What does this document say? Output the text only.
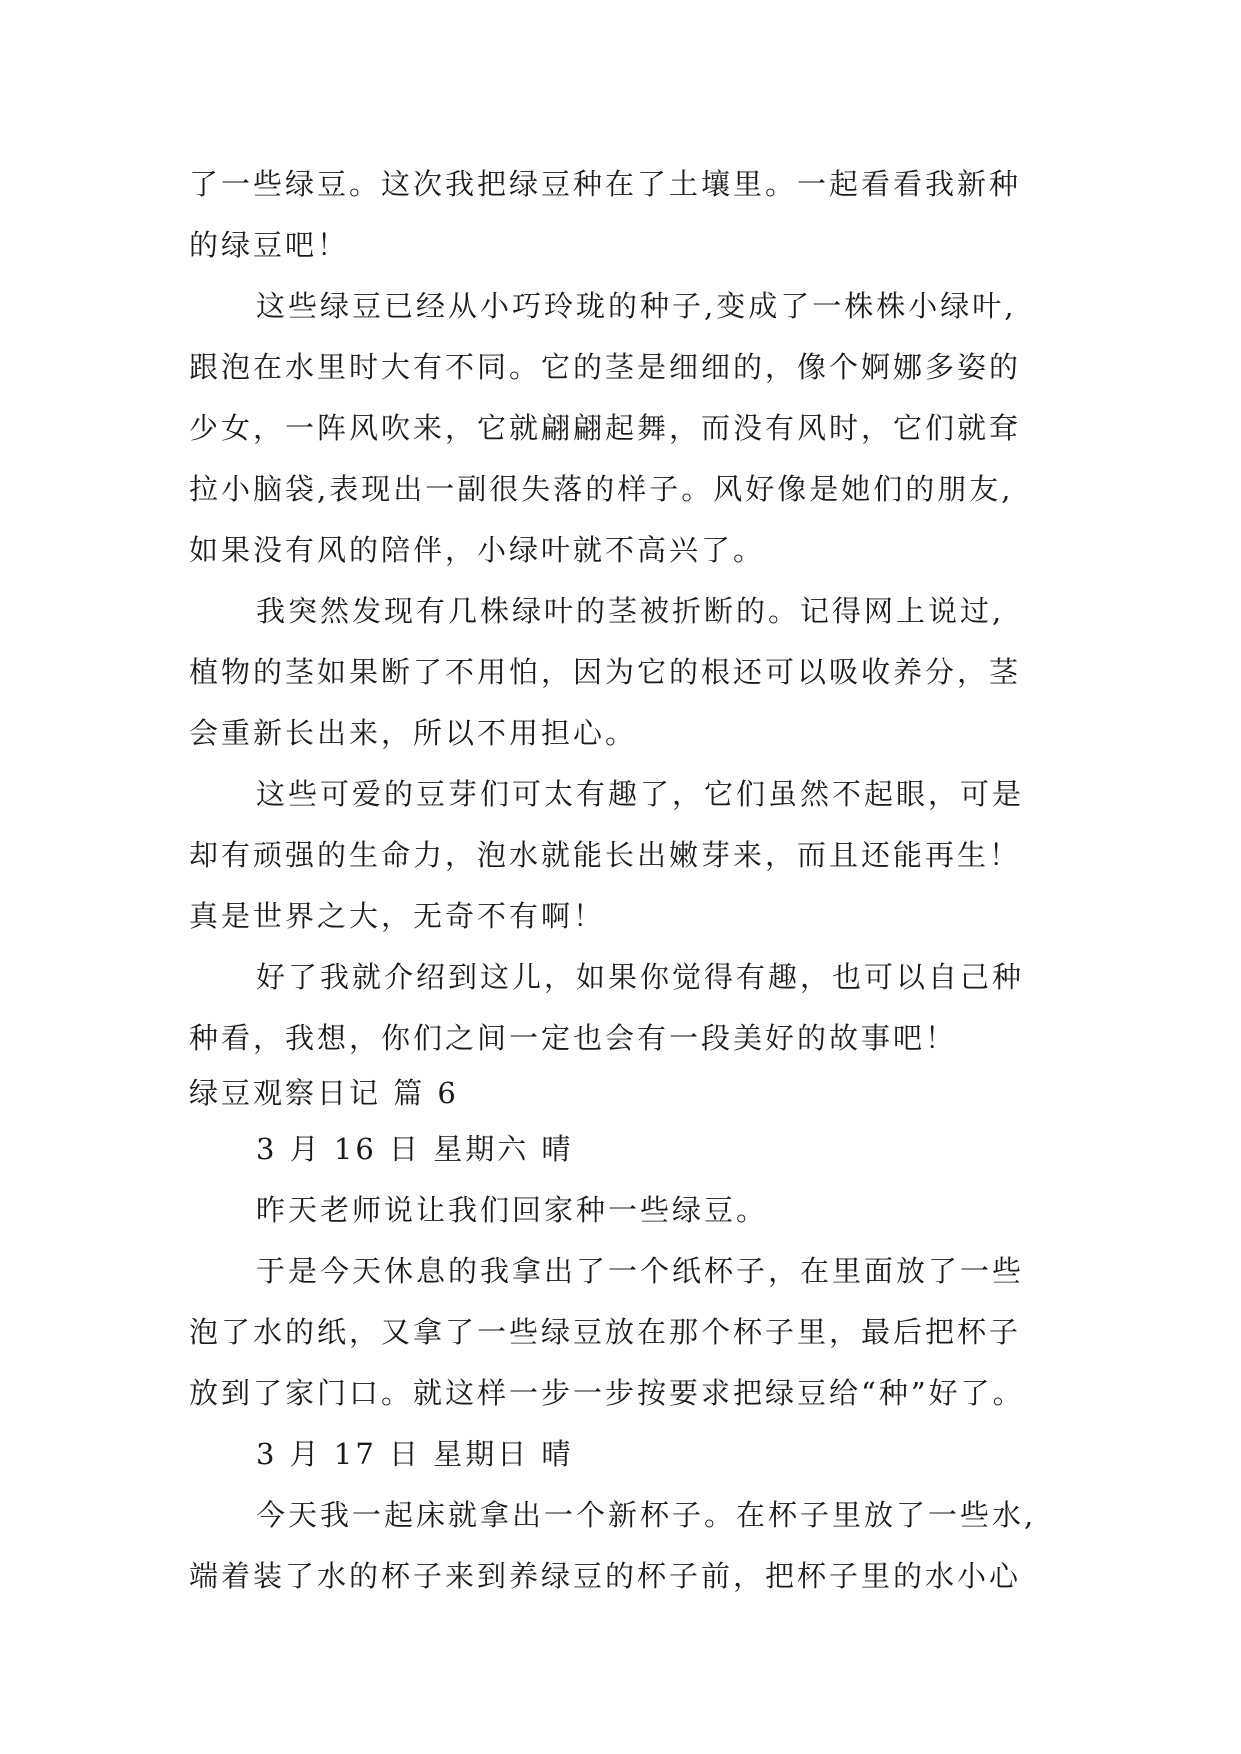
了一些绿豆。这次我把绿豆种在了土壤里。一起看看我新种
的绿豆吧！
这些绿豆已经从小巧玲珑的种子,变成了一株株小绿叶,
跟泡在水里时大有不同。它的茎是细细的，像个婀娜多姿的
少女，一阵风吹来，它就翩翩起舞，而没有风时，它们就耷
拉小脑袋,表现出一副很失落的样子。风好像是她们的朋友,
如果没有风的陪伴，小绿叶就不高兴了。
我突然发现有几株绿叶的茎被折断的。记得网上说过,
植物的茎如果断了不用怕，因为它的根还可以吸收养分，茎
会重新长出来，所以不用担心。
这些可爱的豆芽们可太有趣了，它们虽然不起眼，可是
却有顽强的生命力，泡水就能长出嫩芽来，而且还能再生！
真是世界之大，无奇不有啊！
好了我就介绍到这儿，如果你觉得有趣，也可以自己种
种看，我想，你们之间一定也会有一段美好的故事吧！
绿豆观察日记 篇 6
3 月 16 日 星期六 晴
昨天老师说让我们回家种一些绿豆。
于是今天休息的我拿出了一个纸杯子，在里面放了一些
泡了水的纸，又拿了一些绿豆放在那个杯子里，最后把杯子
放到了家门口。就这样一步一步按要求把绿豆给“种”好了。
3 月 17 日 星期日 晴
今天我一起床就拿出一个新杯子。在杯子里放了一些水,
端着装了水的杯子来到养绿豆的杯子前，把杯子里的水小心
